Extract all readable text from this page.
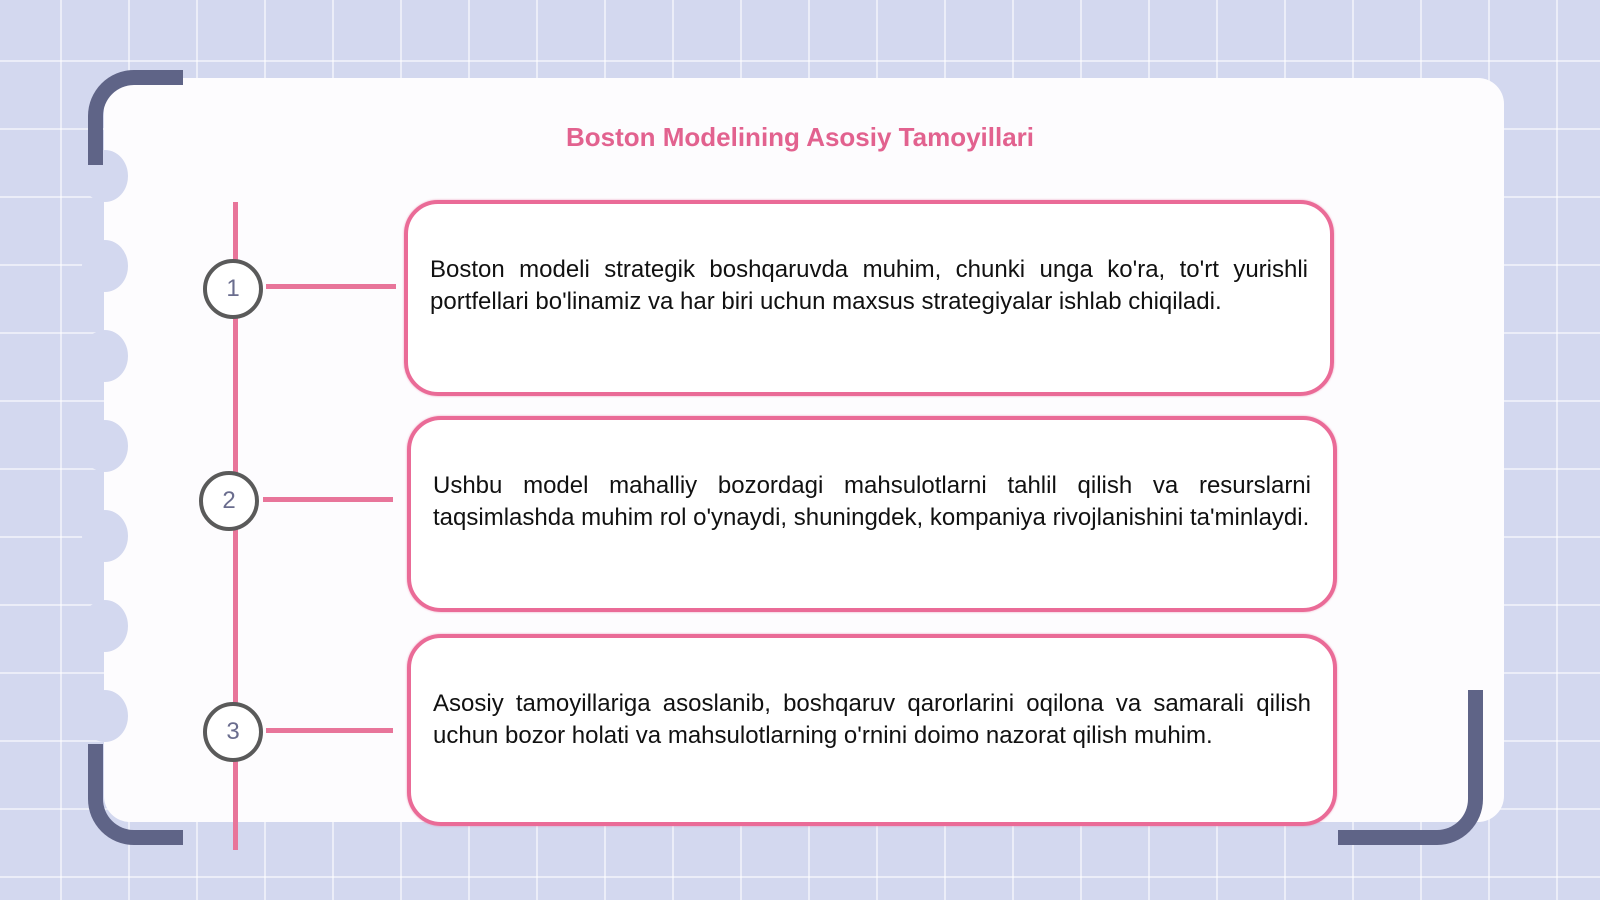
Boston Modelining Asosiy Tamoyillari
1

Boston modeli strategik boshqaruvda muhim, chunki unga ko'ra, to'rt yurishli portfellari bo'linamiz va har biri uchun maxsus strategiyalar ishlab chiqiladi.

2

Ushbu model mahalliy bozordagi mahsulotlarni tahlil qilish va resurslarni taqsimlashda muhim rol o'ynaydi, shuningdek, kompaniya rivojlanishini ta'minlaydi.

3

Asosiy tamoyillariga asoslanib, boshqaruv qarorlarini oqilona va samarali qilish uchun bozor holati va mahsulotlarning o'rnini doimo nazorat qilish muhim.
